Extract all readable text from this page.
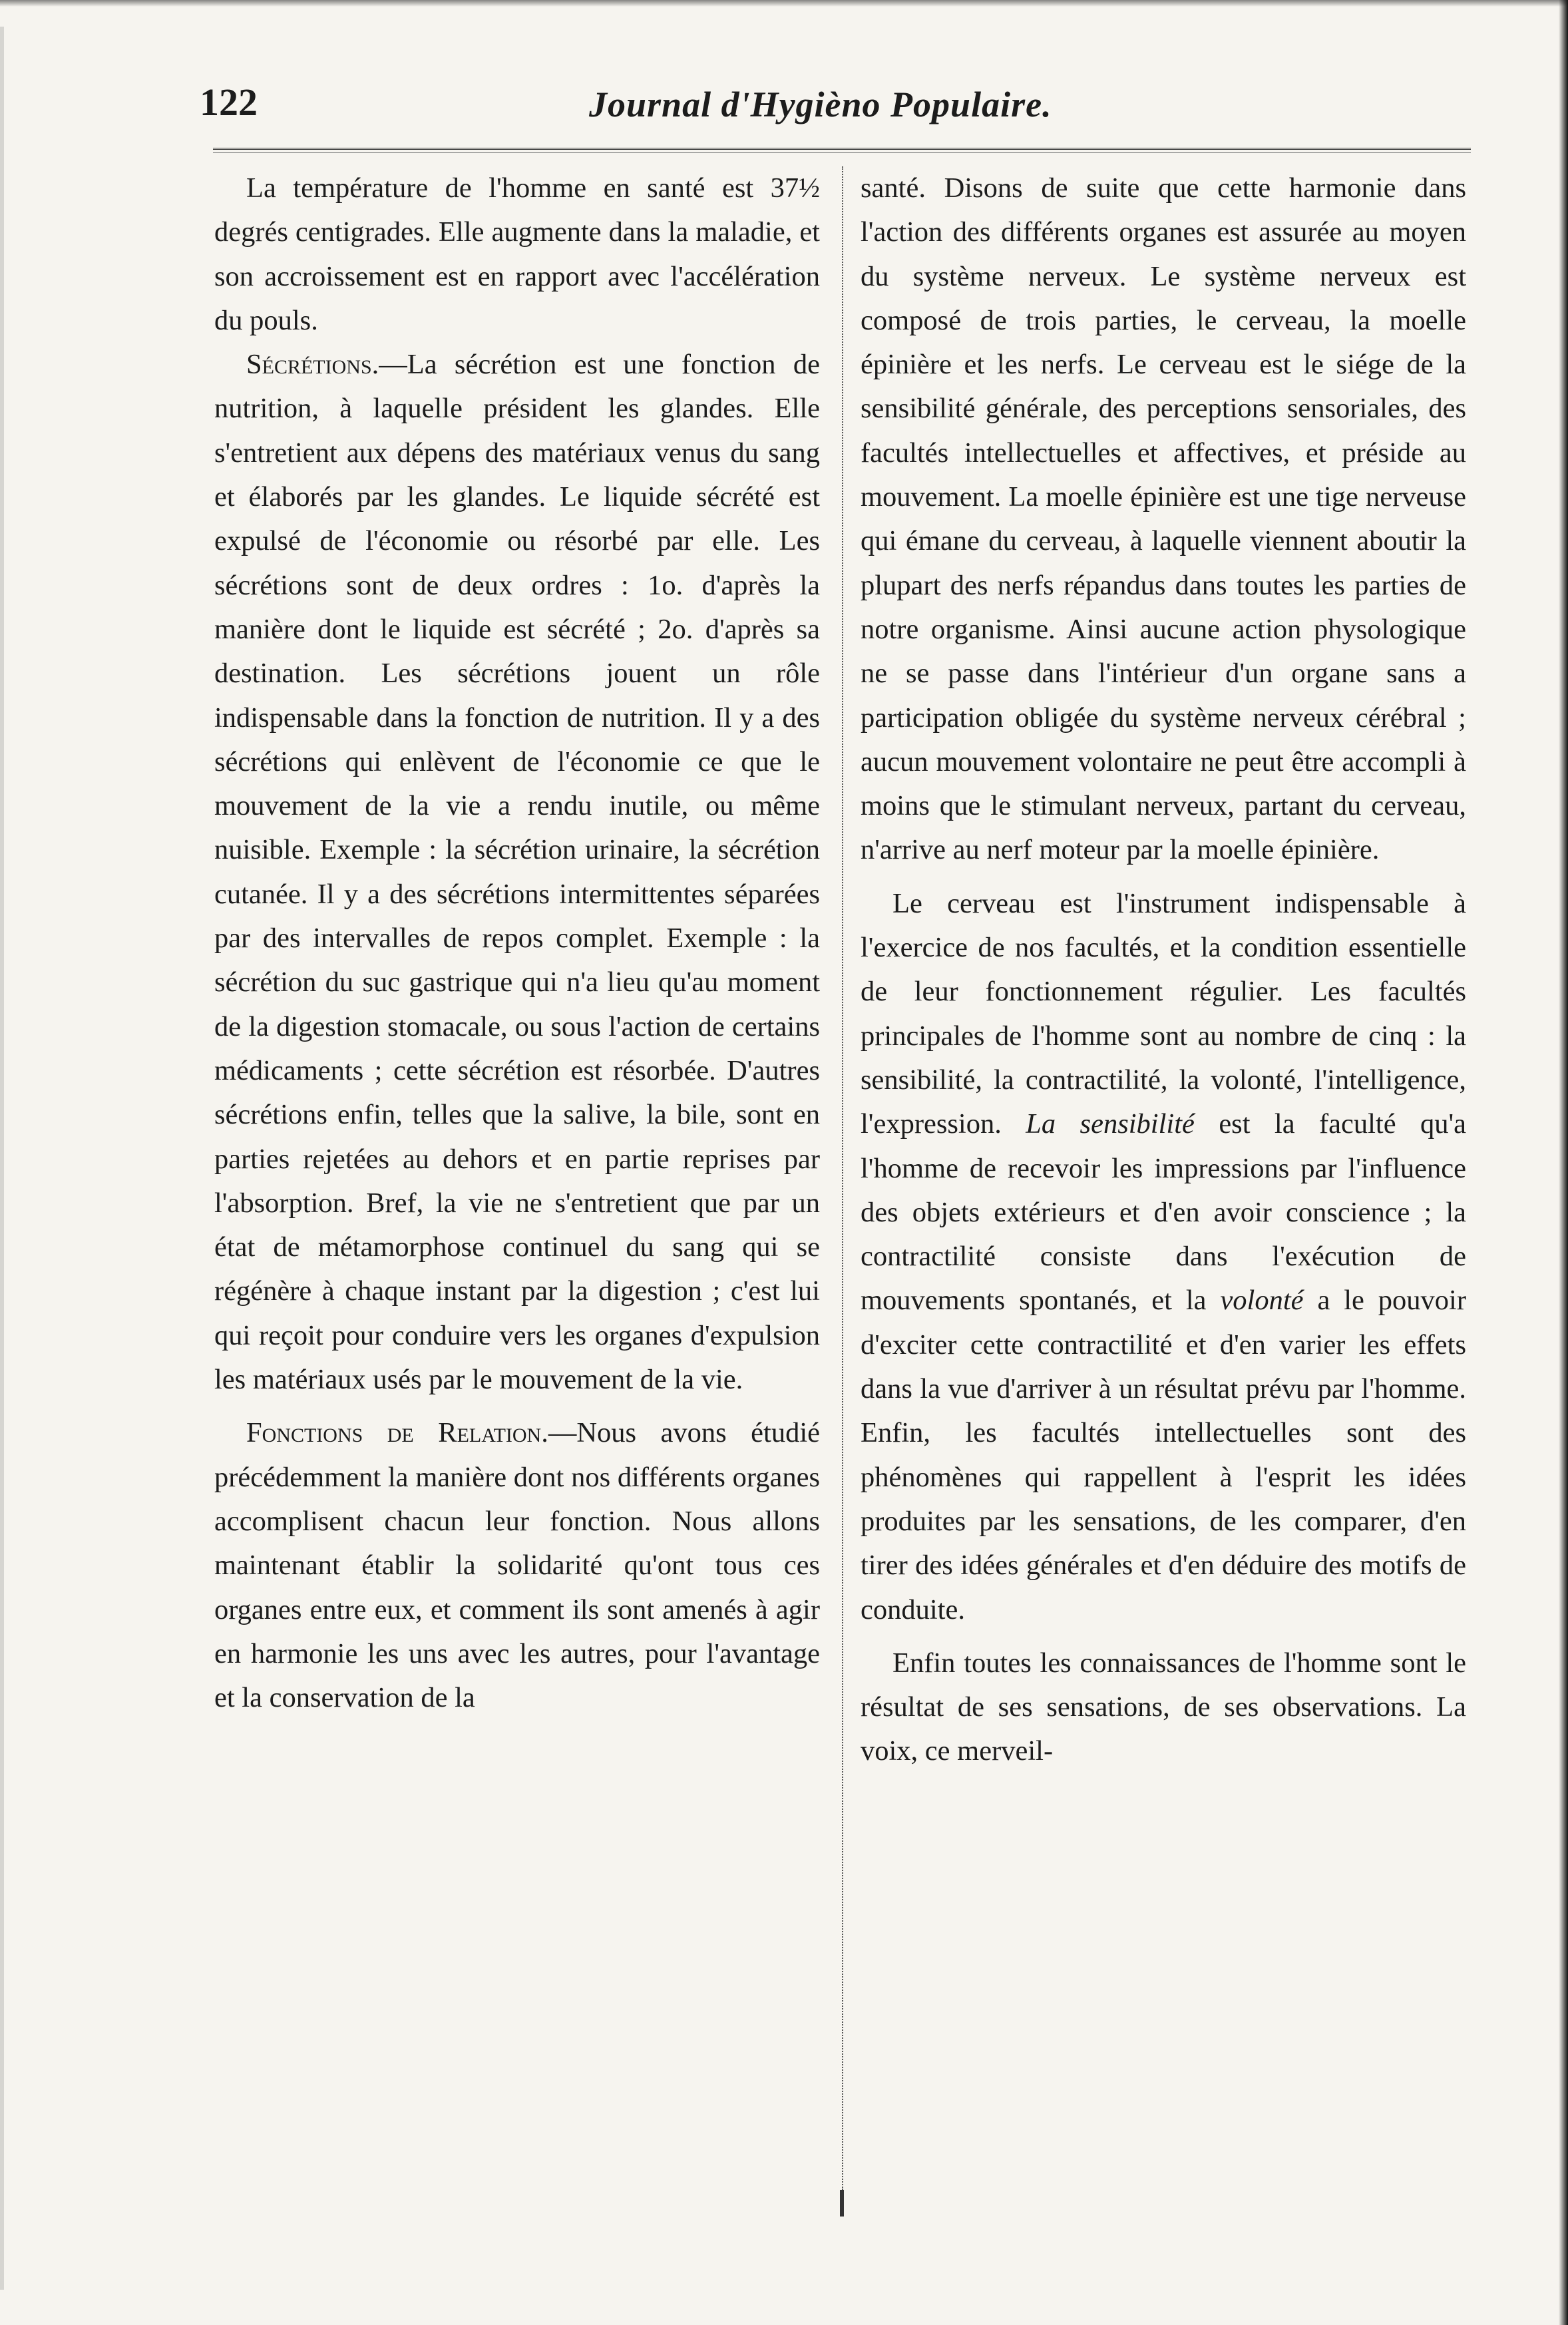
122	Journal d'Hygièno Populaire.

La température de l'homme en santé est 37½ degrés centigrades. Elle augmente dans la maladie, et son accroissement est en rapport avec l'accélération du pouls.

Sécrétions.—La sécrétion est une fonction de nutrition, à laquelle président les glandes. Elle s'entretient aux dépens des matériaux venus du sang et élaborés par les glandes. Le liquide sécrété est expulsé de l'économie ou résorbé par elle. Les sécrétions sont de deux ordres : 1o. d'après la manière dont le liquide est sécrété ; 2o. d'après sa destination. Les sécrétions jouent un rôle indispensable dans la fonction de nutrition. Il y a des sécrétions qui enlèvent de l'économie ce que le mouvement de la vie a rendu inutile, ou même nuisible. Exemple : la sécrétion urinaire, la sécrétion cutanée. Il y a des sécrétions intermittentes séparées par des intervalles de repos complet. Exemple : la sécrétion du suc gastrique qui n'a lieu qu'au moment de la digestion stomacale, ou sous l'action de certains médicaments ; cette sécrétion est résorbée. D'autres sécrétions enfin, telles que la salive, la bile, sont en parties rejetées au dehors et en partie reprises par l'absorption. Bref, la vie ne s'entretient que par un état de métamorphose continuel du sang qui se régénère à chaque instant par la digestion ; c'est lui qui reçoit pour conduire vers les organes d'expulsion les matériaux usés par le mouvement de la vie.

Fonctions de Relation.—Nous avons étudié précédemment la manière dont nos différents organes accomplisent chacun leur fonction. Nous allons maintenant établir la solidarité qu'ont tous ces organes entre eux, et comment ils sont amenés à agir en harmonie les uns avec les autres, pour l'avantage et la conservation de la

santé. Disons de suite que cette harmonie dans l'action des différents organes est assurée au moyen du système nerveux. Le système nerveux est composé de trois parties, le cerveau, la moelle épinière et les nerfs. Le cerveau est le siége de la sensibilité générale, des perceptions sensoriales, des facultés intellectuelles et affectives, et préside au mouvement. La moelle épinière est une tige nerveuse qui émane du cerveau, à laquelle viennent aboutir la plupart des nerfs répandus dans toutes les parties de notre organisme. Ainsi aucune action physologique ne se passe dans l'intérieur d'un organe sans a participation obligée du système nerveux cérébral ; aucun mouvement volontaire ne peut être accompli à moins que le stimulant nerveux, partant du cerveau, n'arrive au nerf moteur par la moelle épinière.

Le cerveau est l'instrument indispensable à l'exercice de nos facultés, et la condition essentielle de leur fonctionnement régulier. Les facultés principales de l'homme sont au nombre de cinq : la sensibilité, la contractilité, la volonté, l'intelligence, l'expression. La sensibilité est la faculté qu'a l'homme de recevoir les impressions par l'influence des objets extérieurs et d'en avoir conscience ; la contractilité consiste dans l'exécution de mouvements spontanés, et la volonté a le pouvoir d'exciter cette contractilité et d'en varier les effets dans la vue d'arriver à un résultat prévu par l'homme. Enfin, les facultés intellectuelles sont des phénomènes qui rappellent à l'esprit les idées produites par les sensations, de les comparer, d'en tirer des idées générales et d'en déduire des motifs de conduite.

Enfin toutes les connaissances de l'homme sont le résultat de ses sensations, de ses observations. La voix, ce merveil-
